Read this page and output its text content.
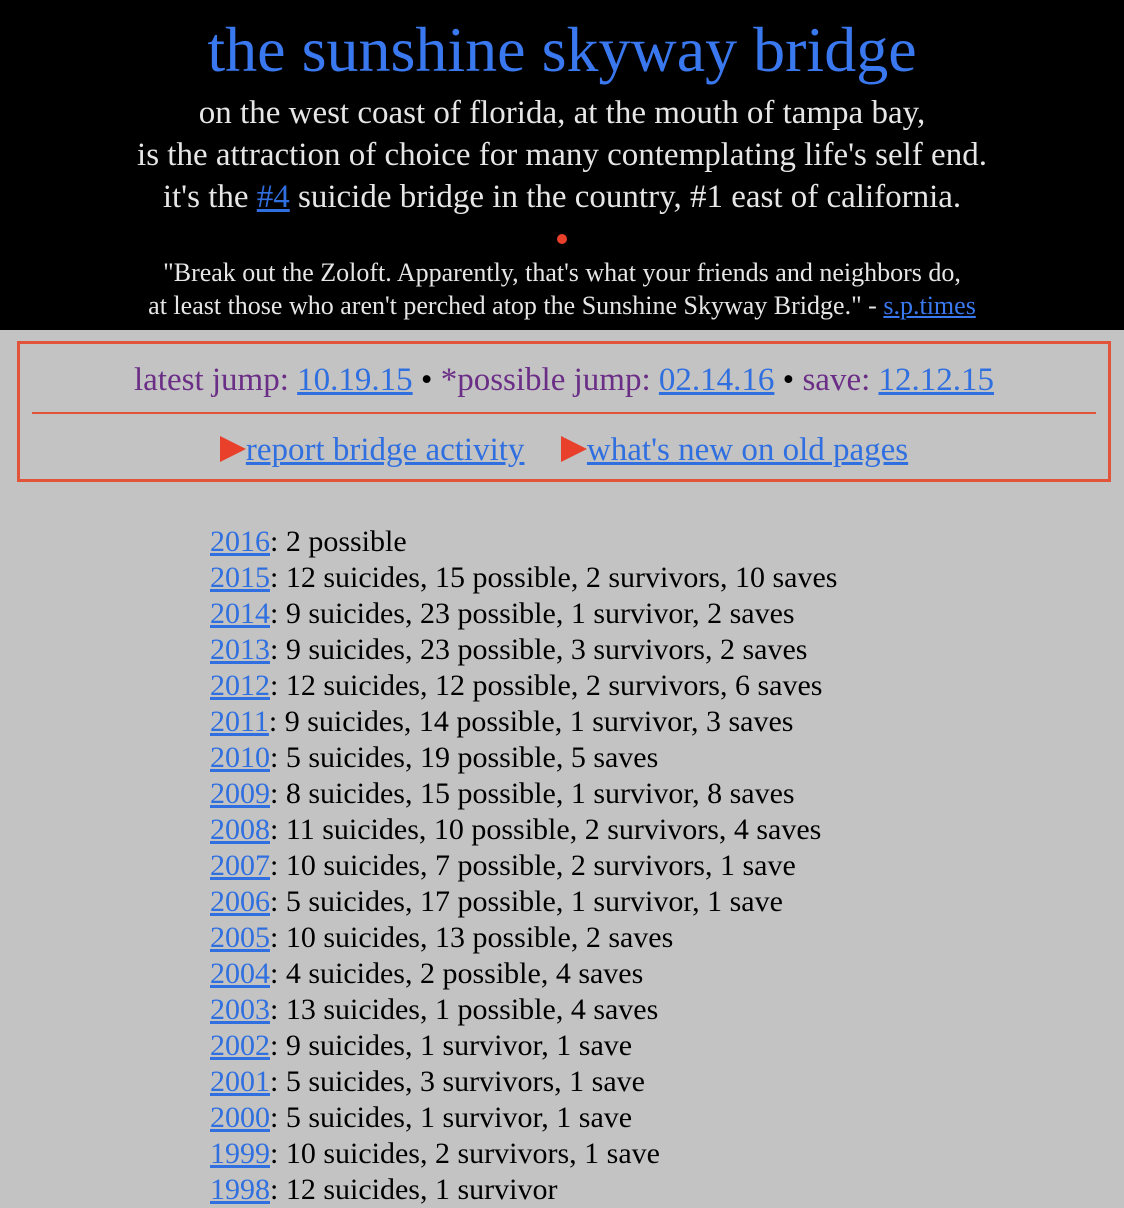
the sunshine skyway bridge
on the west coast of florida, at the mouth of tampa bay,
is the attraction of choice for many contemplating life's self end.
it's the #4 suicide bridge in the country, #1 east of california.
"Break out the Zoloft. Apparently, that's what your friends and neighbors do,
at least those who aren't perched atop the Sunshine Skyway Bridge." - s.p.times
latest jump: 10.19.15 • *possible jump: 02.14.16 • save: 12.12.15
report bridge activity what's new on old pages
2016: 2 possible
2015: 12 suicides, 15 possible, 2 survivors, 10 saves
2014: 9 suicides, 23 possible, 1 survivor, 2 saves
2013: 9 suicides, 23 possible, 3 survivors, 2 saves
2012: 12 suicides, 12 possible, 2 survivors, 6 saves
2011: 9 suicides, 14 possible, 1 survivor, 3 saves
2010: 5 suicides, 19 possible, 5 saves
2009: 8 suicides, 15 possible, 1 survivor, 8 saves
2008: 11 suicides, 10 possible, 2 survivors, 4 saves
2007: 10 suicides, 7 possible, 2 survivors, 1 save
2006: 5 suicides, 17 possible, 1 survivor, 1 save
2005: 10 suicides, 13 possible, 2 saves
2004: 4 suicides, 2 possible, 4 saves
2003: 13 suicides, 1 possible, 4 saves
2002: 9 suicides, 1 survivor, 1 save
2001: 5 suicides, 3 survivors, 1 save
2000: 5 suicides, 1 survivor, 1 save
1999: 10 suicides, 2 survivors, 1 save
1998: 12 suicides, 1 survivor
